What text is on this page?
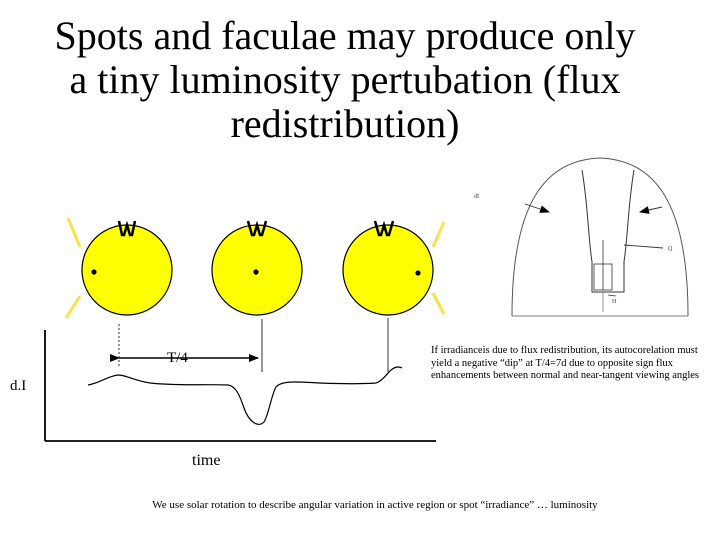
Spots and faculae may produce only
a tiny luminosity pertubation (flux
redistribution)
Q
H
dI
T/4
d.I
time
If irradianceis due to flux redistribution, its autocorelation must yield a negative “dip” at T/4=7d due to opposite sign flux enhancements between normal and near-tangent viewing angles
We use solar rotation to describe angular variation in active region or spot “irradiance” … luminosity
